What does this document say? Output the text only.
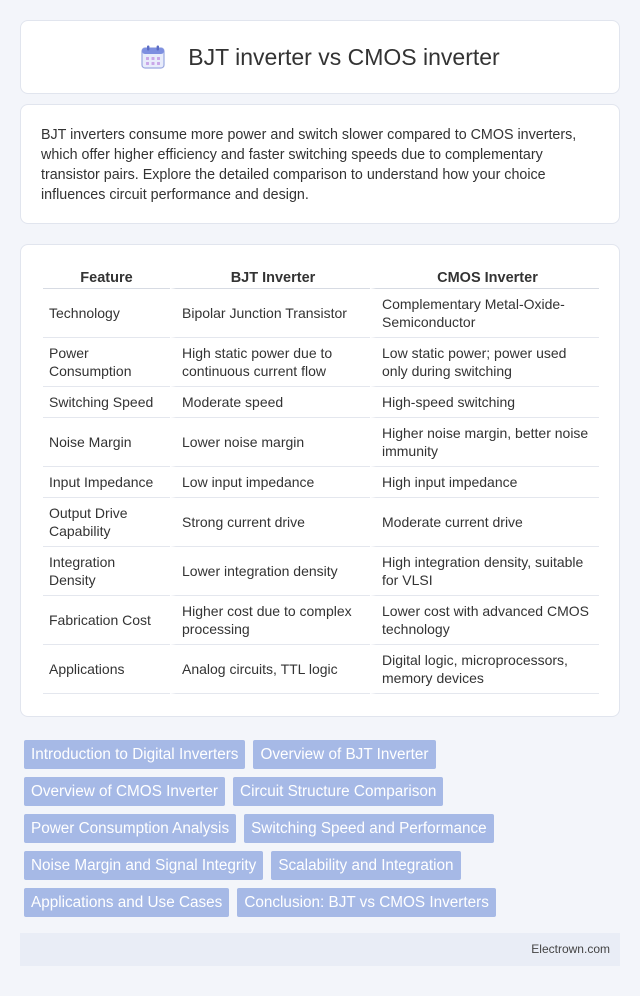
BJT inverter vs CMOS inverter

BJT inverters consume more power and switch slower compared to CMOS inverters, which offer higher efficiency and faster switching speeds due to complementary transistor pairs. Explore the detailed comparison to understand how your choice influences circuit performance and design.

Feature	BJT Inverter	CMOS Inverter
Technology	Bipolar Junction Transistor	Complementary Metal-Oxide-Semiconductor
Power Consumption	High static power due to continuous current flow	Low static power; power used only during switching
Switching Speed	Moderate speed	High-speed switching
Noise Margin	Lower noise margin	Higher noise margin, better noise immunity
Input Impedance	Low input impedance	High input impedance
Output Drive Capability	Strong current drive	Moderate current drive
Integration Density	Lower integration density	High integration density, suitable for VLSI
Fabrication Cost	Higher cost due to complex processing	Lower cost with advanced CMOS technology
Applications	Analog circuits, TTL logic	Digital logic, microprocessors, memory devices
Introduction to Digital Inverters	Overview of BJT Inverter
Overview of CMOS Inverter	Circuit Structure Comparison
Power Consumption Analysis	Switching Speed and Performance
Noise Margin and Signal Integrity	Scalability and Integration
Applications and Use Cases	Conclusion: BJT vs CMOS Inverters
Electrown.com
